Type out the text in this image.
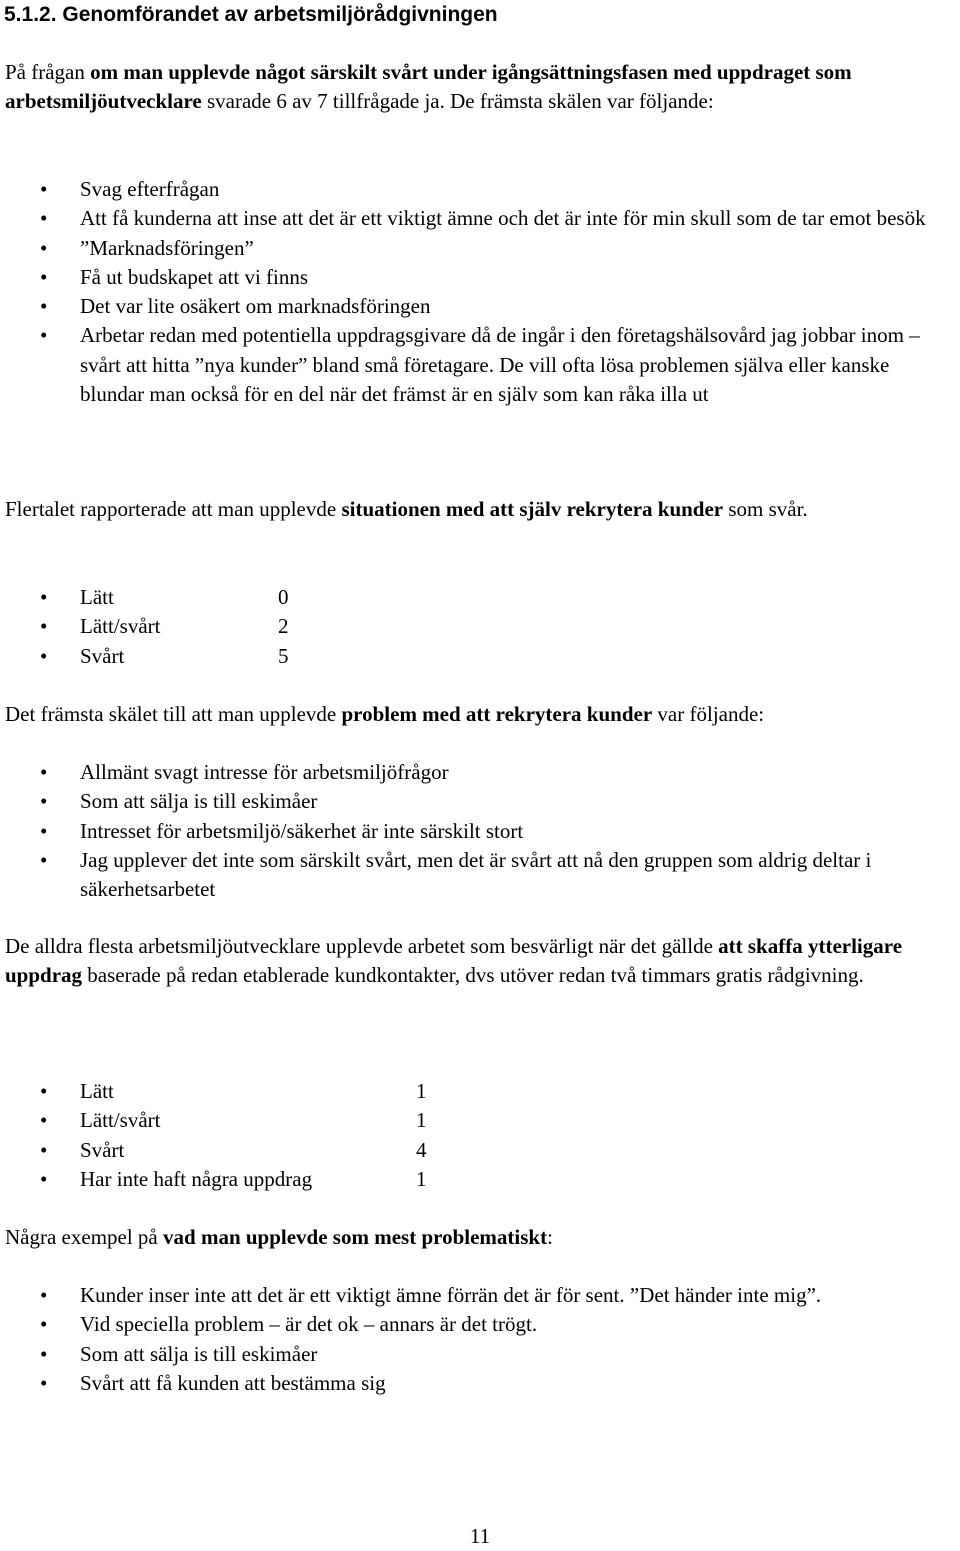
5.1.2. Genomförandet av arbetsmiljörådgivningen

På frågan om man upplevde något särskilt svårt under igångsättningsfasen med uppdraget som arbetsmiljöutvecklare svarade 6 av 7 tillfrågade ja. De främsta skälen var följande:

• Svag efterfrågan
• Att få kunderna att inse att det är ett viktigt ämne och det är inte för min skull som de tar emot besök
• ”Marknadsföringen”
• Få ut budskapet att vi finns
• Det var lite osäkert om marknadsföringen
• Arbetar redan med potentiella uppdragsgivare då de ingår i den företagshälsovård jag jobbar inom – svårt att hitta ”nya kunder” bland små företagare. De vill ofta lösa problemen själva eller kanske blundar man också för en del när det främst är en själv som kan råka illa ut

Flertalet rapporterade att man upplevde situationen med att själv rekrytera kunder som svår.

• Lätt	0
• Lätt/svårt	2
• Svårt	5

Det främsta skälet till att man upplevde problem med att rekrytera kunder var följande:

• Allmänt svagt intresse för arbetsmiljöfrågor
• Som att sälja is till eskimåer
• Intresset för arbetsmiljö/säkerhet är inte särskilt stort
• Jag upplever det inte som särskilt svårt, men det är svårt att nå den gruppen som aldrig deltar i säkerhetsarbetet

De alldra flesta arbetsmiljöutvecklare upplevde arbetet som besvärligt när det gällde att skaffa ytterligare uppdrag baserade på redan etablerade kundkontakter, dvs utöver redan två timmars gratis rådgivning.

• Lätt	1
• Lätt/svårt	1
• Svårt	4
• Har inte haft några uppdrag	1

Några exempel på vad man upplevde som mest problematiskt:

• Kunder inser inte att det är ett viktigt ämne förrän det är för sent. ”Det händer inte mig”.
• Vid speciella problem – är det ok – annars är det trögt.
• Som att sälja is till eskimåer
• Svårt att få kunden att bestämma sig

11
